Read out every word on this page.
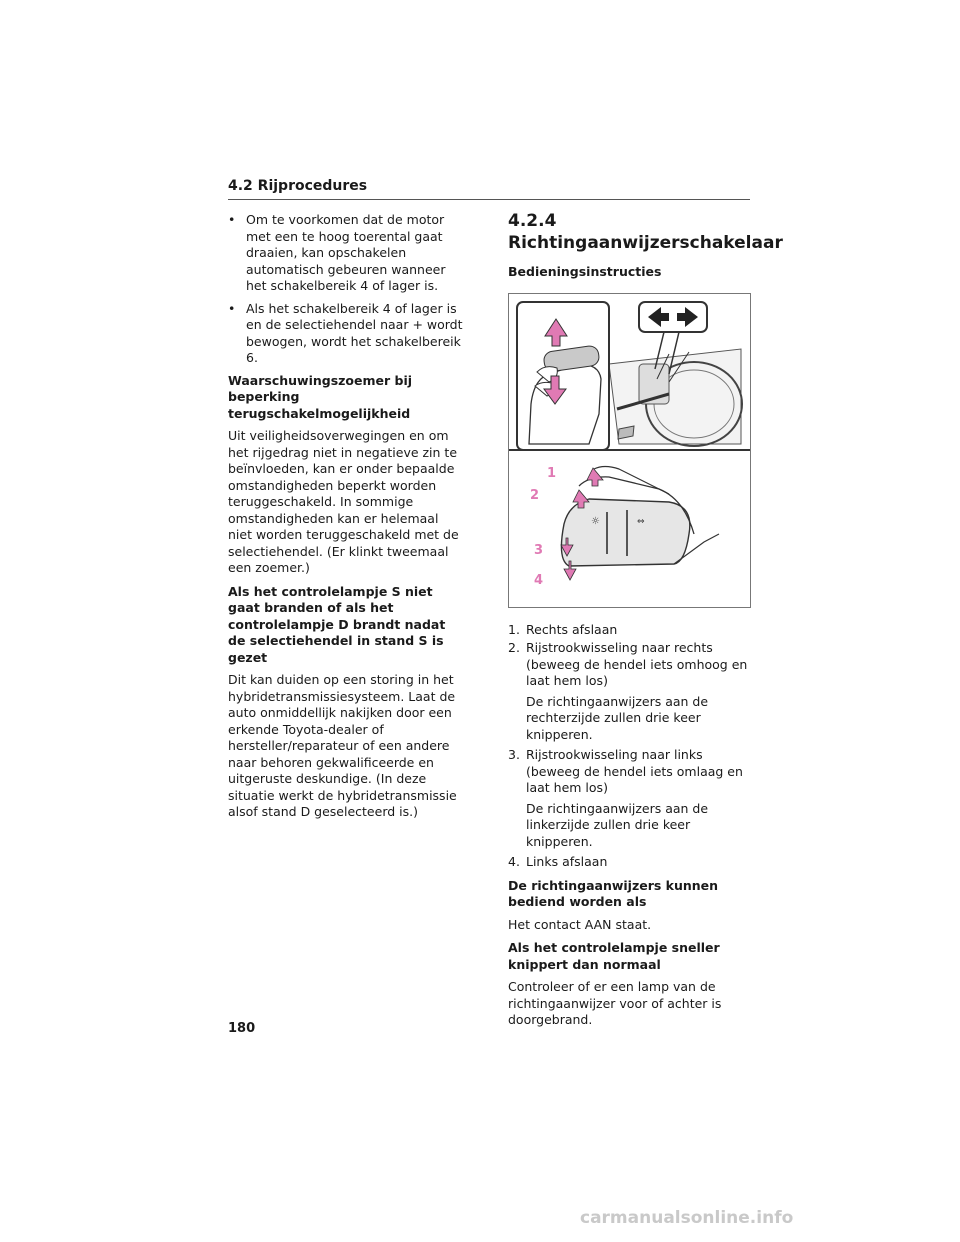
4.2 Rijprocedures
• Om te voorkomen dat de motor met een te hoog toerental gaat draaien, kan opschakelen automatisch gebeuren wanneer het schakelbereik 4 of lager is.
• Als het schakelbereik 4 of lager is en de selectiehendel naar + wordt bewogen, wordt het schakelbereik 6.
Waarschuwingszoemer bij beperking terugschakelmogelijkheid
Uit veiligheidsoverwegingen en om het rijgedrag niet in negatieve zin te beïnvloeden, kan er onder bepaalde omstandigheden beperkt worden teruggeschakeld. In sommige omstandigheden kan er helemaal niet worden teruggeschakeld met de selectiehendel. (Er klinkt tweemaal een zoemer.)
Als het controlelampje S niet gaat branden of als het controlelampje D brandt nadat de selectiehendel in stand S is gezet
Dit kan duiden op een storing in het hybridetransmissiesysteem. Laat de auto onmiddellijk nakijken door een erkende Toyota-dealer of hersteller/reparateur of een andere naar behoren gekwalificeerde en uitgeruste deskundige. (In deze situatie werkt de hybridetransmissie alsof stand D geselecteerd is.)
4.2.4 Richtingaanwijzerschakelaar
Bedieningsinstructies
☼	⇔
1
2
3
4
1. Rechts afslaan
2. Rijstrookwisseling naar rechts (beweeg de hendel iets omhoog en laat hem los)
De richtingaanwijzers aan de rechterzijde zullen drie keer knipperen.
3. Rijstrookwisseling naar links (beweeg de hendel iets omlaag en laat hem los)
De richtingaanwijzers aan de linkerzijde zullen drie keer knipperen.
4. Links afslaan
De richtingaanwijzers kunnen bediend worden als
Het contact AAN staat.
Als het controlelampje sneller knippert dan normaal
Controleer of er een lamp van de richtingaanwijzer voor of achter is doorgebrand.
180
carmanualsonline.info
